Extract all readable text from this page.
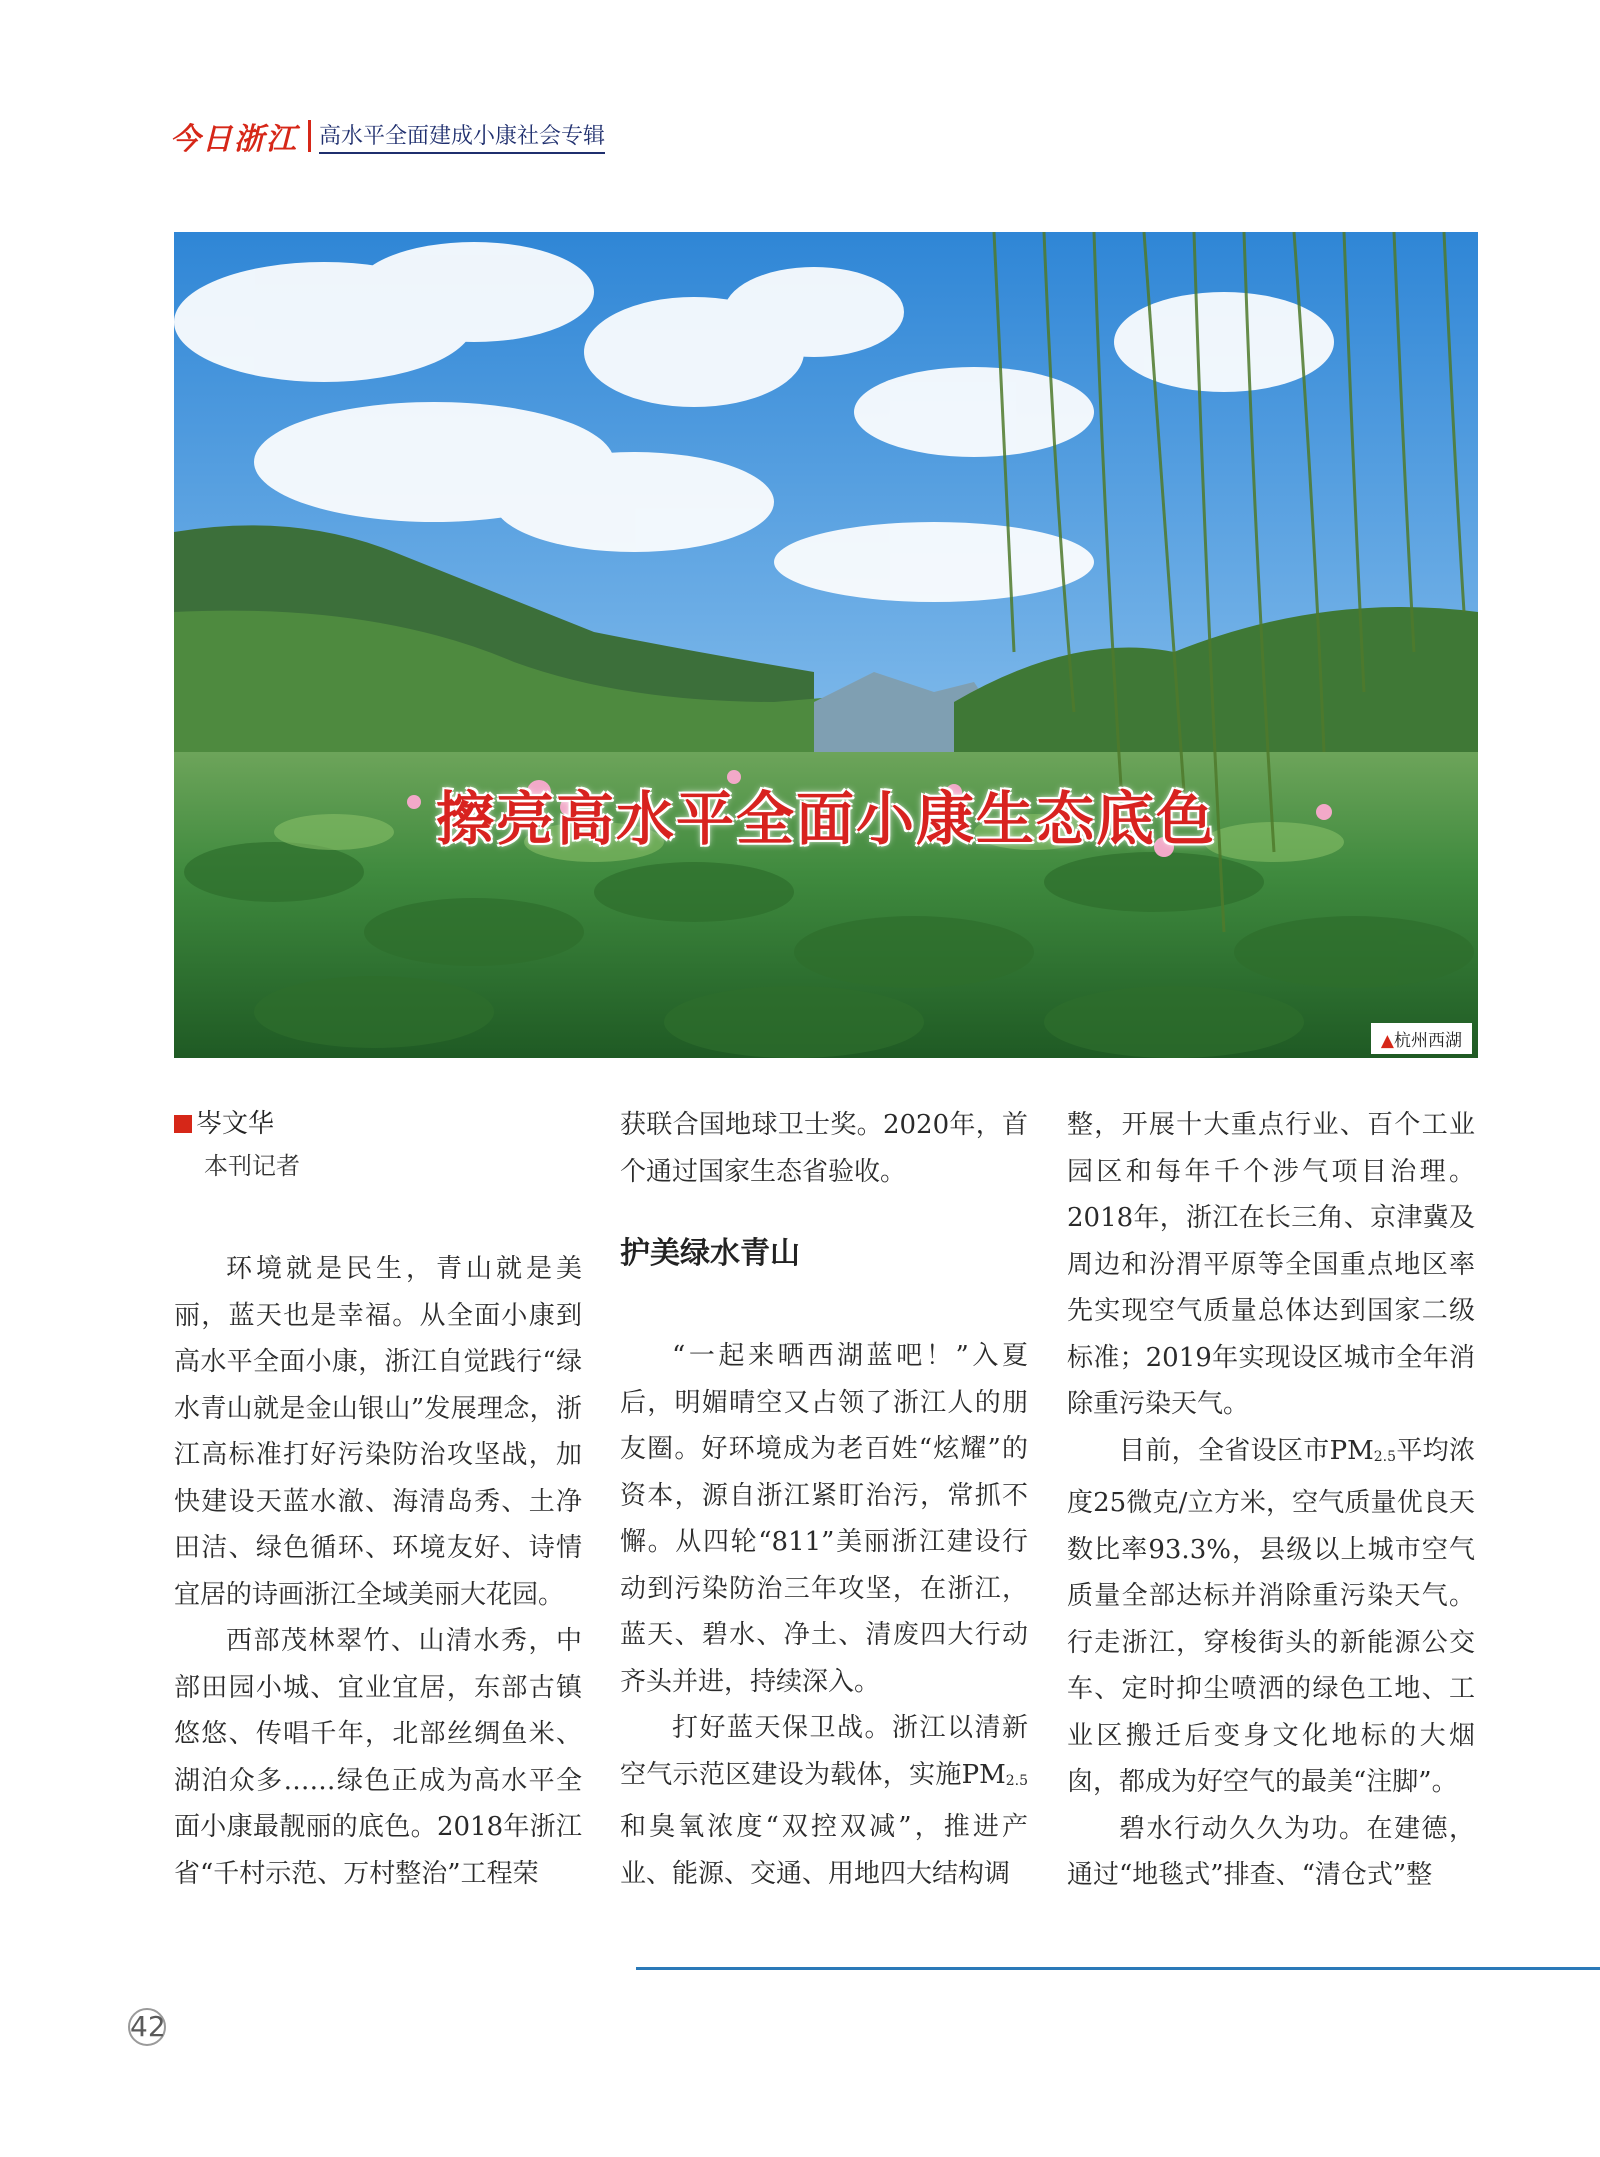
今日浙江 高水平全面建成小康社会专辑
擦亮高水平全面小康生态底色
▲杭州西湖
岑文华
本刊记者

环境就是民生，青山就是美丽，蓝天也是幸福。从全面小康到高水平全面小康，浙江自觉践行“绿水青山就是金山银山”发展理念，浙江高标准打好污染防治攻坚战，加快建设天蓝水澈、海清岛秀、土净田洁、绿色循环、环境友好、诗情宜居的诗画浙江全域美丽大花园。

西部茂林翠竹、山清水秀，中部田园小城、宜业宜居，东部古镇悠悠、传唱千年，北部丝绸鱼米、湖泊众多……绿色正成为高水平全面小康最靓丽的底色。2018年浙江省“千村示范、万村整治”工程荣

获联合国地球卫士奖。2020年，首个通过国家生态省验收。

护美绿水青山

“一起来晒西湖蓝吧！”入夏后，明媚晴空又占领了浙江人的朋友圈。好环境成为老百姓“炫耀”的资本，源自浙江紧盯治污，常抓不懈。从四轮“811”美丽浙江建设行动到污染防治三年攻坚，在浙江，蓝天、碧水、净土、清废四大行动齐头并进，持续深入。

打好蓝天保卫战。浙江以清新空气示范区建设为载体，实施PM2.5和臭氧浓度“双控双减”，推进产业、能源、交通、用地四大结构调

整，开展十大重点行业、百个工业园区和每年千个涉气项目治理。2018年，浙江在长三角、京津冀及周边和汾渭平原等全国重点地区率先实现空气质量总体达到国家二级标准；2019年实现设区城市全年消除重污染天气。

目前，全省设区市PM2.5平均浓度25微克/立方米，空气质量优良天数比率93.3%，县级以上城市空气质量全部达标并消除重污染天气。行走浙江，穿梭街头的新能源公交车、定时抑尘喷洒的绿色工地、工业区搬迁后变身文化地标的大烟囱，都成为好空气的最美“注脚”。

碧水行动久久为功。在建德，通过“地毯式”排查、“清仓式”整

42
